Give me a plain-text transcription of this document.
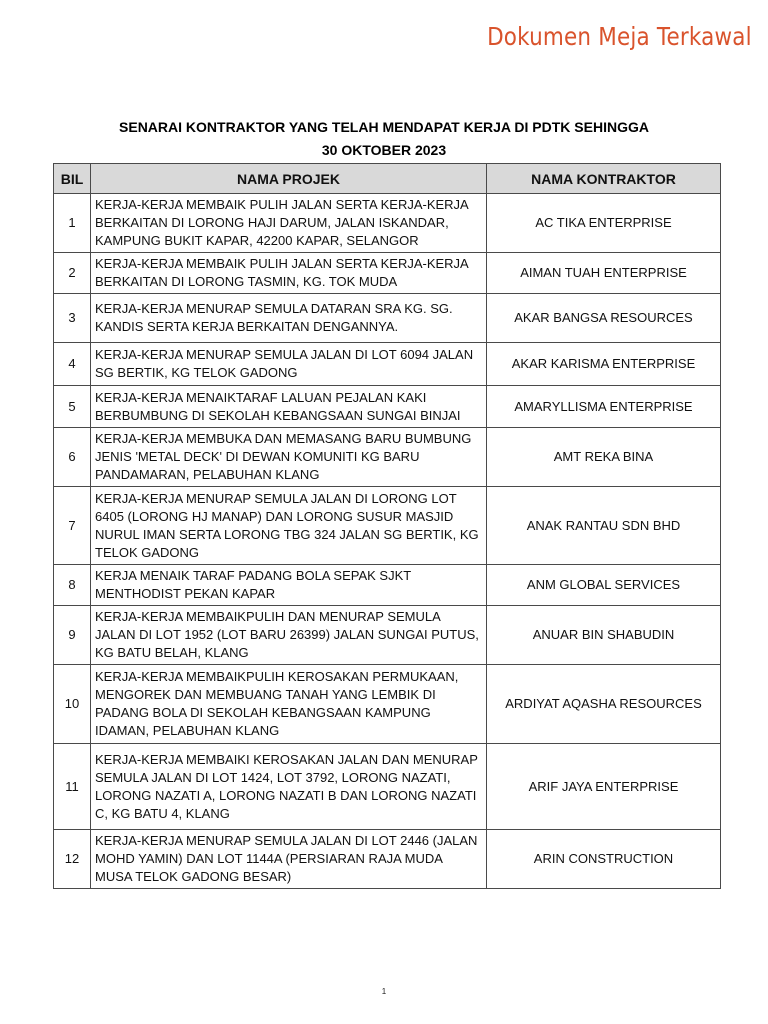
Dokumen Meja Terkawal
SENARAI KONTRAKTOR YANG TELAH MENDAPAT KERJA DI PDTK SEHINGGA
30 OKTOBER 2023
BIL	NAMA PROJEK	NAMA KONTRAKTOR
1	KERJA-KERJA MEMBAIK PULIH JALAN SERTA KERJA-KERJA BERKAITAN DI LORONG HAJI DARUM, JALAN ISKANDAR, KAMPUNG BUKIT KAPAR, 42200 KAPAR, SELANGOR	AC TIKA ENTERPRISE
2	KERJA-KERJA MEMBAIK PULIH JALAN SERTA KERJA-KERJA BERKAITAN DI LORONG TASMIN, KG. TOK MUDA	AIMAN TUAH ENTERPRISE
3	KERJA-KERJA MENURAP SEMULA DATARAN SRA KG. SG. KANDIS SERTA KERJA BERKAITAN DENGANNYA.	AKAR BANGSA RESOURCES
4	KERJA-KERJA MENURAP SEMULA JALAN DI LOT 6094 JALAN SG BERTIK, KG TELOK GADONG	AKAR KARISMA ENTERPRISE
5	KERJA-KERJA MENAIKTARAF LALUAN PEJALAN KAKI BERBUMBUNG DI SEKOLAH KEBANGSAAN SUNGAI BINJAI	AMARYLLISMA ENTERPRISE
6	KERJA-KERJA MEMBUKA DAN MEMASANG BARU BUMBUNG JENIS 'METAL DECK' DI DEWAN KOMUNITI KG BARU PANDAMARAN, PELABUHAN KLANG	AMT REKA BINA
7	KERJA-KERJA MENURAP SEMULA JALAN DI LORONG LOT 6405 (LORONG HJ MANAP) DAN LORONG SUSUR MASJID NURUL IMAN SERTA LORONG TBG 324 JALAN SG BERTIK, KG TELOK GADONG	ANAK RANTAU SDN BHD
8	KERJA MENAIK TARAF PADANG BOLA SEPAK SJKT MENTHODIST PEKAN KAPAR	ANM GLOBAL SERVICES
9	KERJA-KERJA MEMBAIKPULIH DAN MENURAP SEMULA JALAN DI LOT 1952 (LOT BARU 26399) JALAN SUNGAI PUTUS, KG BATU BELAH, KLANG	ANUAR BIN SHABUDIN
10	KERJA-KERJA MEMBAIKPULIH KEROSAKAN PERMUKAAN, MENGOREK DAN MEMBUANG TANAH YANG LEMBIK DI PADANG BOLA DI SEKOLAH KEBANGSAAN KAMPUNG IDAMAN, PELABUHAN KLANG	ARDIYAT AQASHA RESOURCES
11	KERJA-KERJA MEMBAIKI KEROSAKAN JALAN DAN MENURAP SEMULA JALAN DI LOT 1424, LOT 3792, LORONG NAZATI, LORONG NAZATI A, LORONG NAZATI B DAN LORONG NAZATI C, KG BATU 4, KLANG	ARIF JAYA ENTERPRISE
12	KERJA-KERJA MENURAP SEMULA JALAN DI LOT 2446 (JALAN MOHD YAMIN) DAN LOT 1144A (PERSIARAN RAJA MUDA MUSA TELOK GADONG BESAR)	ARIN CONSTRUCTION
1
